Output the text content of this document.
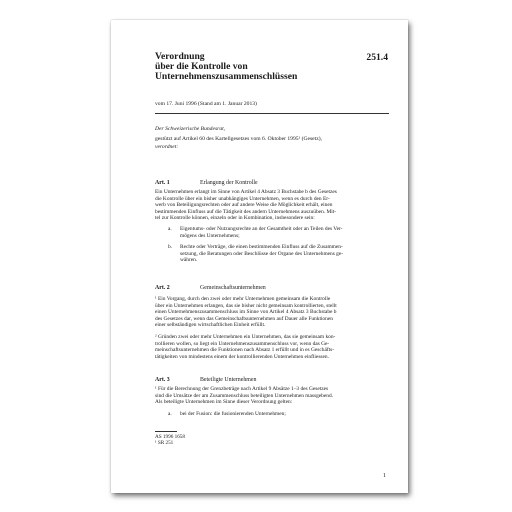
Verordnung
über die Kontrolle von
Unternehmenszusammenschlüssen
251.4
vom 17. Juni 1996 (Stand am 1. Januar 2013)
Der Schweizerische Bundesrat,
gestützt auf Artikel 60 des Kartellgesetzes vom 6. Oktober 1995¹ (Gesetz),
verordnet:
Art. 1	Erlangung der Kontrolle
Ein Unternehmen erlangt im Sinne von Artikel 4 Absatz 3 Buchstabe b des Gesetzes
die Kontrolle über ein bisher unabhängiges Unternehmen, wenn es durch den Er-
werb von Beteiligungsrechten oder auf andere Weise die Möglichkeit erhält, einen
bestimmenden Einfluss auf die Tätigkeit des andern Unternehmens auszuüben. Mit-
tel zur Kontrolle können, einzeln oder in Kombination, insbesondere sein:
a. Eigentums- oder Nutzungsrechte an der Gesamtheit oder an Teilen des Ver-
mögens des Unternehmens;
b. Rechte oder Verträge, die einen bestimmenden Einfluss auf die Zusammen-
setzung, die Beratungen oder Beschlüsse der Organe des Unternehmens ge-
währen.
Art. 2	Gemeinschaftsunternehmen
¹ Ein Vorgang, durch den zwei oder mehr Unternehmen gemeinsam die Kontrolle
über ein Unternehmen erlangen, das sie bisher nicht gemeinsam kontrollierten, stellt
einen Unternehmenszusammenschluss im Sinne von Artikel 4 Absatz 3 Buchstabe b
des Gesetzes dar, wenn das Gemeinschaftsunternehmen auf Dauer alle Funktionen
einer selbständigen wirtschaftlichen Einheit erfüllt.
² Gründen zwei oder mehr Unternehmen ein Unternehmen, das sie gemeinsam kon-
trollieren wollen, so liegt ein Unternehmenszusammenschluss vor, wenn das Ge-
meinschaftsunternehmen die Funktionen nach Absatz 1 erfüllt und in es Geschäfts-
tätigkeiten von mindestens einem der kontrollierenden Unternehmen einfliessen.
Art. 3	Beteiligte Unternehmen
¹ Für die Berechnung der Grenzbeträge nach Artikel 9 Absätze 1–3 des Gesetzes
sind die Umsätze der am Zusammenschluss beteiligten Unternehmen massgebend.
Als beteiligte Unternehmen im Sinne dieser Verordnung gelten:
a. bei der Fusion: die fusionierenden Unternehmen;
AS 1996 1658
¹ SR 251
1
